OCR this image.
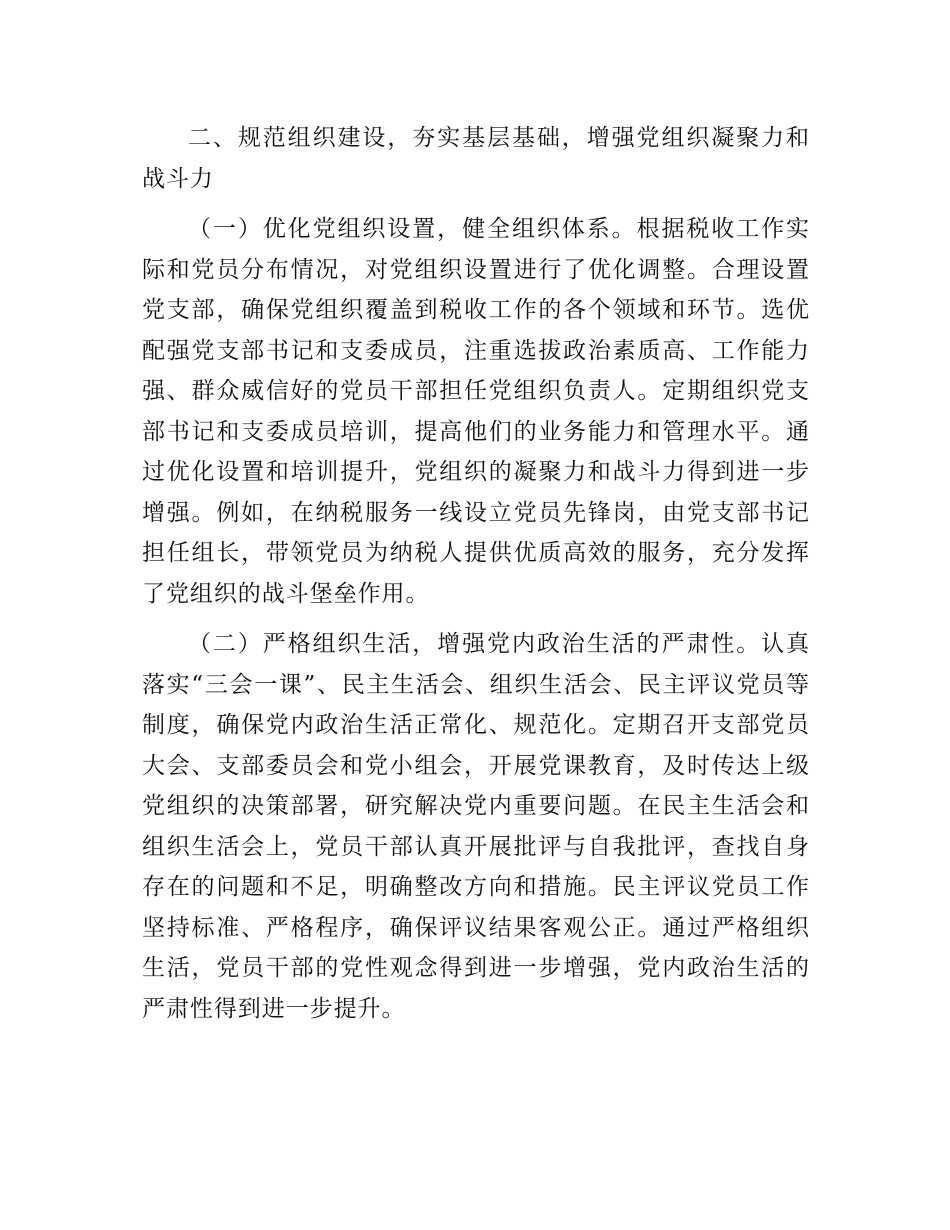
二、规范组织建设，夯实基层基础，增强党组织凝聚力和战斗力

（一）优化党组织设置，健全组织体系。根据税收工作实际和党员分布情况，对党组织设置进行了优化调整。合理设置党支部，确保党组织覆盖到税收工作的各个领域和环节。选优配强党支部书记和支委成员，注重选拔政治素质高、工作能力强、群众威信好的党员干部担任党组织负责人。定期组织党支部书记和支委成员培训，提高他们的业务能力和管理水平。通过优化设置和培训提升，党组织的凝聚力和战斗力得到进一步增强。例如，在纳税服务一线设立党员先锋岗，由党支部书记担任组长，带领党员为纳税人提供优质高效的服务，充分发挥了党组织的战斗堡垒作用。

（二）严格组织生活，增强党内政治生活的严肃性。认真落实“三会一课”、民主生活会、组织生活会、民主评议党员等制度，确保党内政治生活正常化、规范化。定期召开支部党员大会、支部委员会和党小组会，开展党课教育，及时传达上级党组织的决策部署，研究解决党内重要问题。在民主生活会和组织生活会上，党员干部认真开展批评与自我批评，查找自身存在的问题和不足，明确整改方向和措施。民主评议党员工作坚持标准、严格程序，确保评议结果客观公正。通过严格组织生活，党员干部的党性观念得到进一步增强，党内政治生活的严肃性得到进一步提升。
